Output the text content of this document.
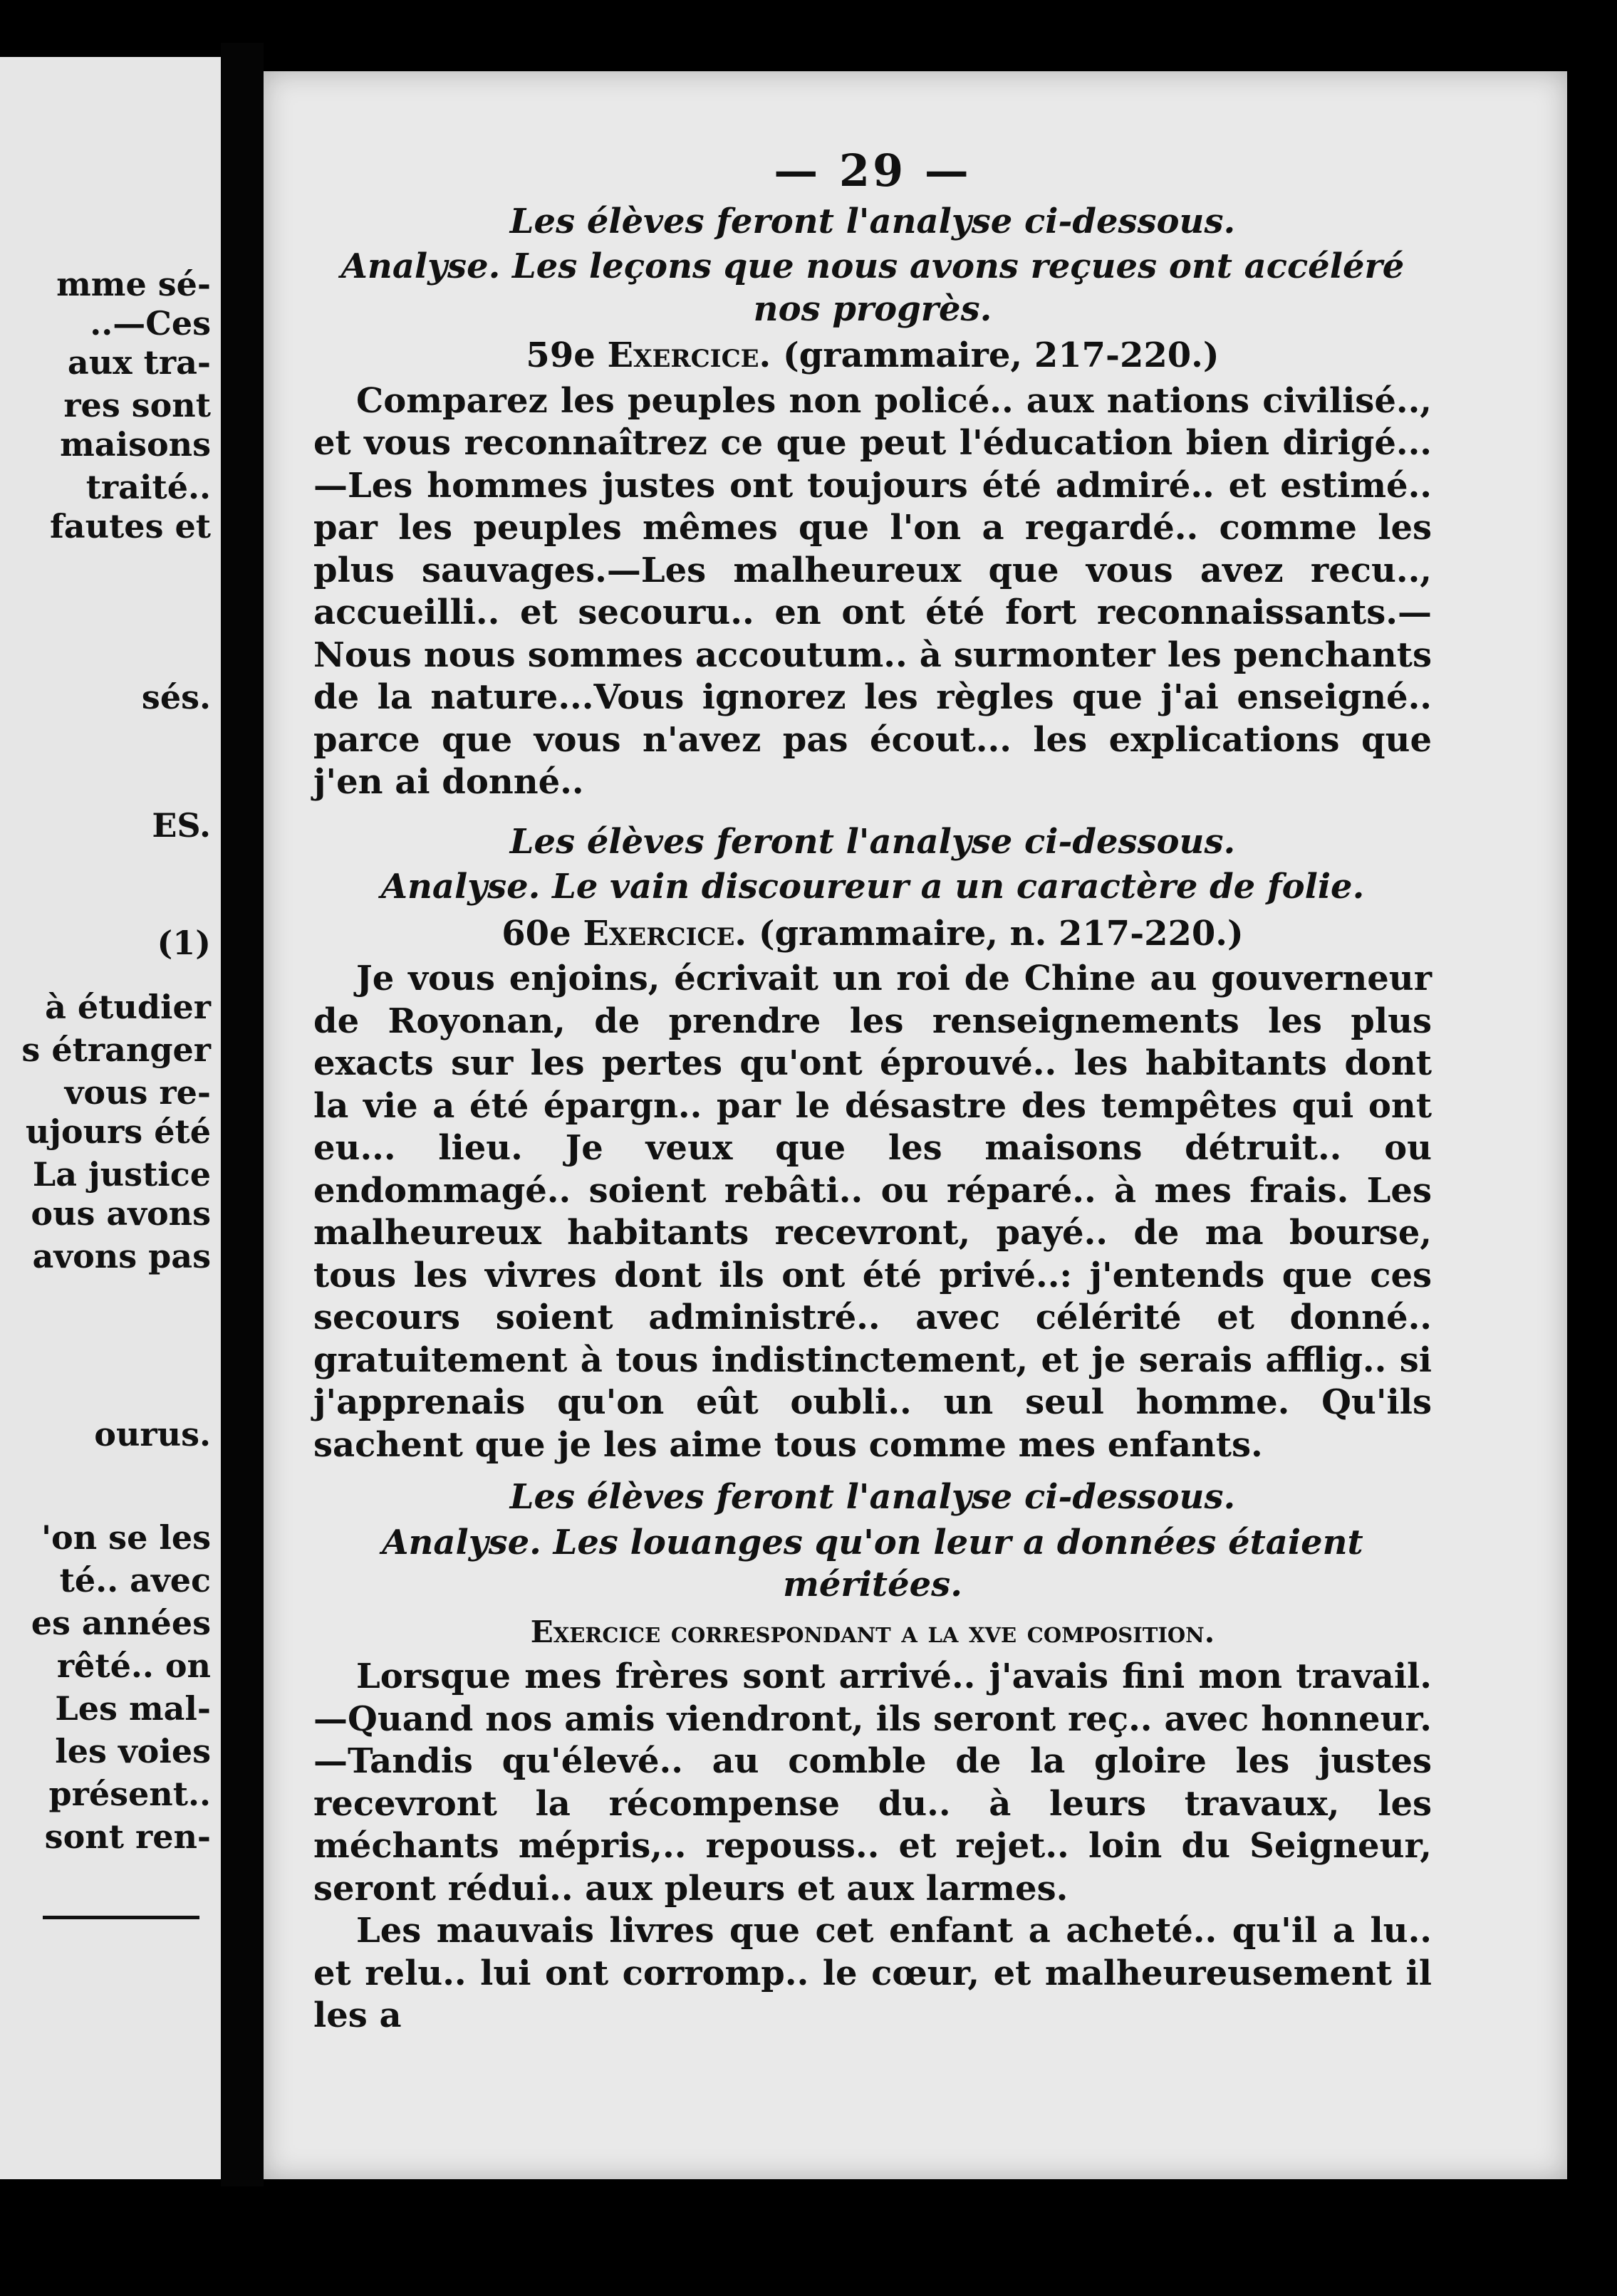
mme sé-
..—Ces
aux tra-
res sont
maisons
traité..
fautes et
sés.
ES.
(1)
à étudier
s étranger
vous re-
ujours été
La justice
ous avons
avons pas
ourus.
'on se les
té.. avec
es années
rêté.. on
Les mal-
les voies
présent..
sont ren-
— 29 —
Les élèves feront l'analyse ci-dessous.
Analyse. Les leçons que nous avons reçues ont accéléré nos progrès.
59e Exercice. (grammaire, 217-220.)

Comparez les peuples non policé.. aux nations civilisé.., et vous reconnaîtrez ce que peut l'éducation bien dirigé...—Les hommes justes ont toujours été admiré.. et estimé.. par les peuples mêmes que l'on a regardé.. comme les plus sauvages.—Les malheureux que vous avez recu.., accueilli.. et secouru.. en ont été fort reconnaissants.—Nous nous sommes accoutum.. à surmonter les penchants de la nature...Vous ignorez les règles que j'ai enseigné.. parce que vous n'avez pas écout... les explications que j'en ai donné..

Les élèves feront l'analyse ci-dessous.
Analyse. Le vain discoureur a un caractère de folie.
60e Exercice. (grammaire, n. 217-220.)

Je vous enjoins, écrivait un roi de Chine au gouverneur de Royonan, de prendre les renseignements les plus exacts sur les pertes qu'ont éprouvé.. les habitants dont la vie a été épargn.. par le désastre des tempêtes qui ont eu... lieu. Je veux que les maisons détruit.. ou endommagé.. soient rebâti.. ou réparé.. à mes frais. Les malheureux habitants recevront, payé.. de ma bourse, tous les vivres dont ils ont été privé..: j'entends que ces secours soient administré.. avec célérité et donné.. gratuitement à tous indistinctement, et je serais afflig.. si j'apprenais qu'on eût oubli.. un seul homme. Qu'ils sachent que je les aime tous comme mes enfants.

Les élèves feront l'analyse ci-dessous.
Analyse. Les louanges qu'on leur a données étaient méritées.
Exercice correspondant a la xve composition.

Lorsque mes frères sont arrivé.. j'avais fini mon travail.—Quand nos amis viendront, ils seront reç.. avec honneur.—Tandis qu'élevé.. au comble de la gloire les justes recevront la récompense du.. à leurs travaux, les méchants mépris,.. repouss.. et rejet.. loin du Seigneur, seront rédui.. aux pleurs et aux larmes.

Les mauvais livres que cet enfant a acheté.. qu'il a lu.. et relu.. lui ont corromp.. le cœur, et malheureusement il les a
